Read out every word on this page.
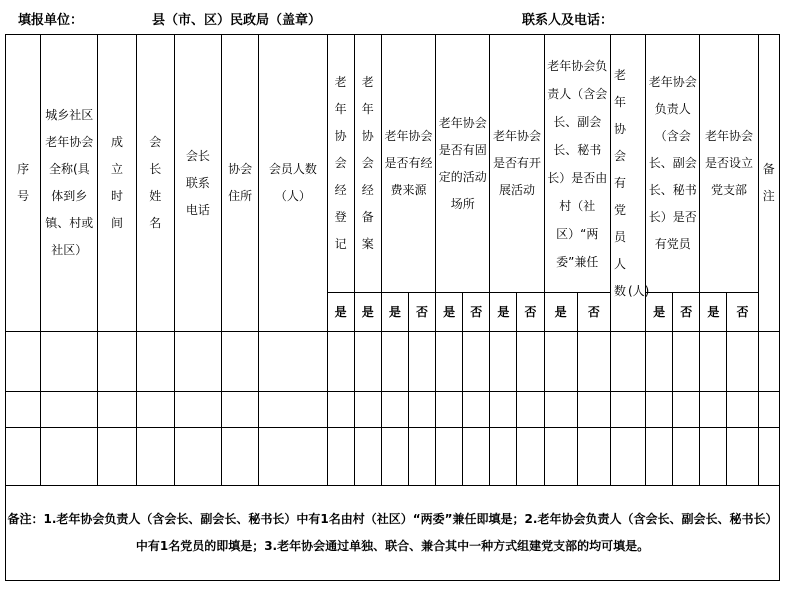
填报单位：	县（市、区）民政局（盖章）	联系人及电话：
序号	城乡社区老年协会全称(具体到乡镇、村或社区）	成立时间	会长姓名	会长联系电话	协会住所	会员人数（人）	老年协会经登记	老年协会经备案	老年协会是否有经费来源		老年协会是否有固定的活动场所		老年协会是否有开展活动		老年协会负责人（含会长、副会长、秘书长）是否由村（社区）“两委”兼任		老年协会有党员人数 (人)	老年协会负责人（含会长、副会长、秘书长）是否有党员		老年协会是否设立党支部		备注
							是	是	是	否	是	否	是	否	是	否		是	否	是	否	

备注：1.老年协会负责人（含会长、副会长、秘书长）中有1名由村（社区）“两委”兼任即填是；2.老年协会负责人（含会长、副会长、秘书长）中有1名党员的即填是；3.老年协会通过单独、联合、兼合其中一种方式组建党支部的均可填是。																						
